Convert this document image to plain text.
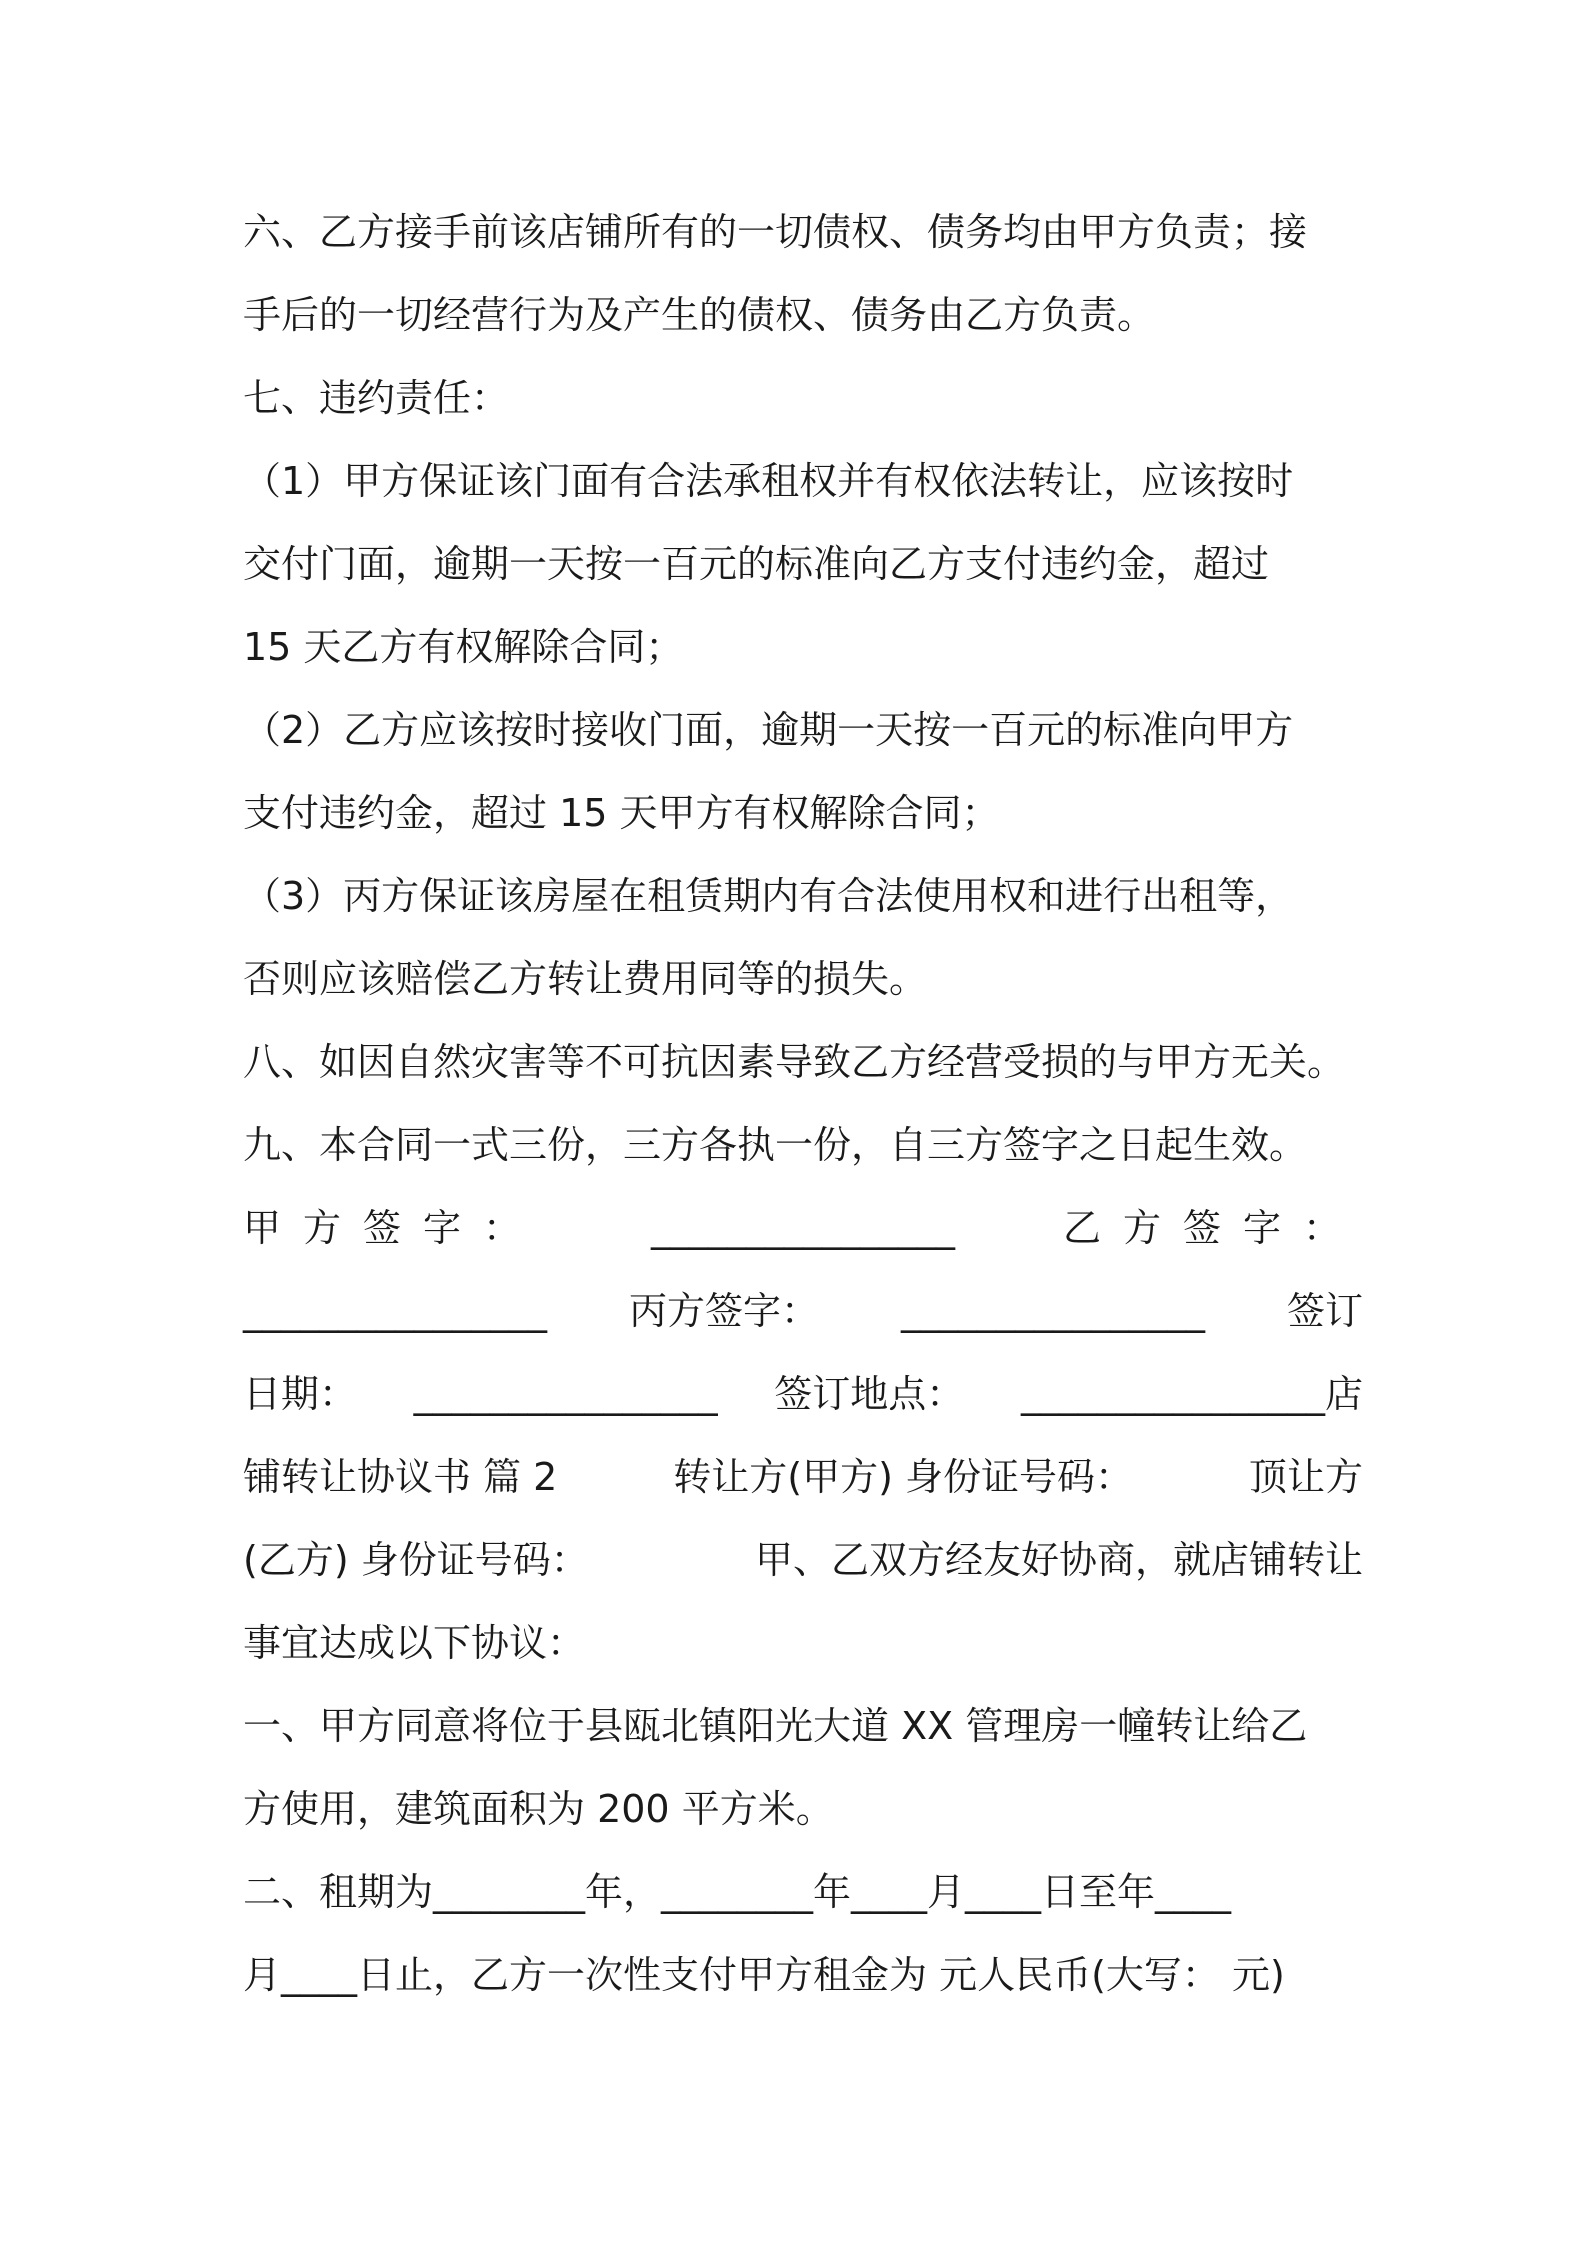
六、乙方接手前该店铺所有的一切债权、债务均由甲方负责；接
手后的一切经营行为及产生的债权、债务由乙方负责。
七、违约责任：
（1）甲方保证该门面有合法承租权并有权依法转让，应该按时
交付门面，逾期一天按一百元的标准向乙方支付违约金，超过
15 天乙方有权解除合同；
（2）乙方应该按时接收门面，逾期一天按一百元的标准向甲方
支付违约金，超过 15 天甲方有权解除合同；
（3）丙方保证该房屋在租赁期内有合法使用权和进行出租等，
否则应该赔偿乙方转让费用同等的损失。
八、如因自然灾害等不可抗因素导致乙方经营受损的与甲方无关。
九、本合同一式三份，三方各执一份，自三方签字之日起生效。
甲方签字：	________________	乙方签字：
________________ 丙方签字： ________________ 签订
日期： ________________ 签订地点： ________________店
铺转让协议书 篇 2	转让方(甲方) 身份证号码：	顶让方
(乙方) 身份证号码：	甲、乙双方经友好协商，就店铺转让
事宜达成以下协议：
一、甲方同意将位于县瓯北镇阳光大道 XX 管理房一幢转让给乙
方使用，建筑面积为 200 平方米。
二、租期为________年，________年____月____日至年____
月____日止，乙方一次性支付甲方租金为 元人民币(大写： 元)
